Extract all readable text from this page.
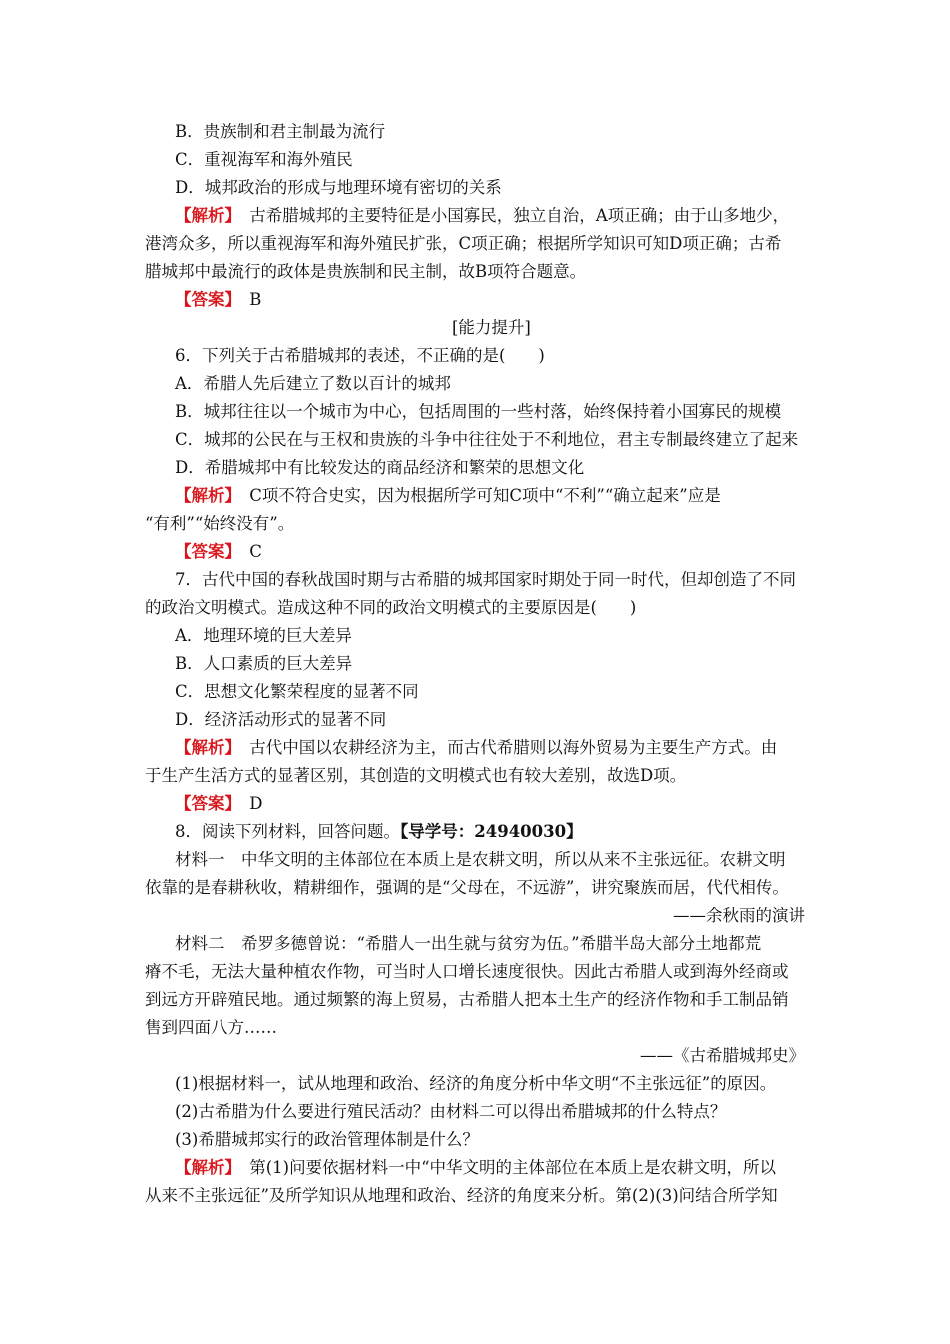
B．贵族制和君主制最为流行
C．重视海军和海外殖民
D．城邦政治的形成与地理环境有密切的关系
【解析】　古希腊城邦的主要特征是小国寡民，独立自治，A项正确；由于山多地少，
港湾众多，所以重视海军和海外殖民扩张，C项正确；根据所学知识可知D项正确；古希
腊城邦中最流行的政体是贵族制和民主制，故B项符合题意。
【答案】　B
[能力提升]
6．下列关于古希腊城邦的表述，不正确的是(　　)
A．希腊人先后建立了数以百计的城邦
B．城邦往往以一个城市为中心，包括周围的一些村落，始终保持着小国寡民的规模
C．城邦的公民在与王权和贵族的斗争中往往处于不利地位，君主专制最终建立了起来
D．希腊城邦中有比较发达的商品经济和繁荣的思想文化
【解析】　C项不符合史实，因为根据所学可知C项中“不利”“确立起来”应是
“有利”“始终没有”。
【答案】　C
7．古代中国的春秋战国时期与古希腊的城邦国家时期处于同一时代，但却创造了不同
的政治文明模式。造成这种不同的政治文明模式的主要原因是(　　)
A．地理环境的巨大差异
B．人口素质的巨大差异
C．思想文化繁荣程度的显著不同
D．经济活动形式的显著不同
【解析】　古代中国以农耕经济为主，而古代希腊则以海外贸易为主要生产方式。由
于生产生活方式的显著区别，其创造的文明模式也有较大差别，故选D项。
【答案】　D
8．阅读下列材料，回答问题。【导学号：24940030】
材料一　中华文明的主体部位在本质上是农耕文明，所以从来不主张远征。农耕文明
依靠的是春耕秋收，精耕细作，强调的是“父母在，不远游”，讲究聚族而居，代代相传。
——余秋雨的演讲
材料二　希罗多德曾说：“希腊人一出生就与贫穷为伍。”希腊半岛大部分土地都荒
瘠不毛，无法大量种植农作物，可当时人口增长速度很快。因此古希腊人或到海外经商或
到远方开辟殖民地。通过频繁的海上贸易，古希腊人把本土生产的经济作物和手工制品销
售到四面八方……
——《古希腊城邦史》
(1)根据材料一，试从地理和政治、经济的角度分析中华文明“不主张远征”的原因。
(2)古希腊为什么要进行殖民活动？由材料二可以得出希腊城邦的什么特点？
(3)希腊城邦实行的政治管理体制是什么？
【解析】　第(1)问要依据材料一中“中华文明的主体部位在本质上是农耕文明，所以
从来不主张远征”及所学知识从地理和政治、经济的角度来分析。第(2)(3)问结合所学知
